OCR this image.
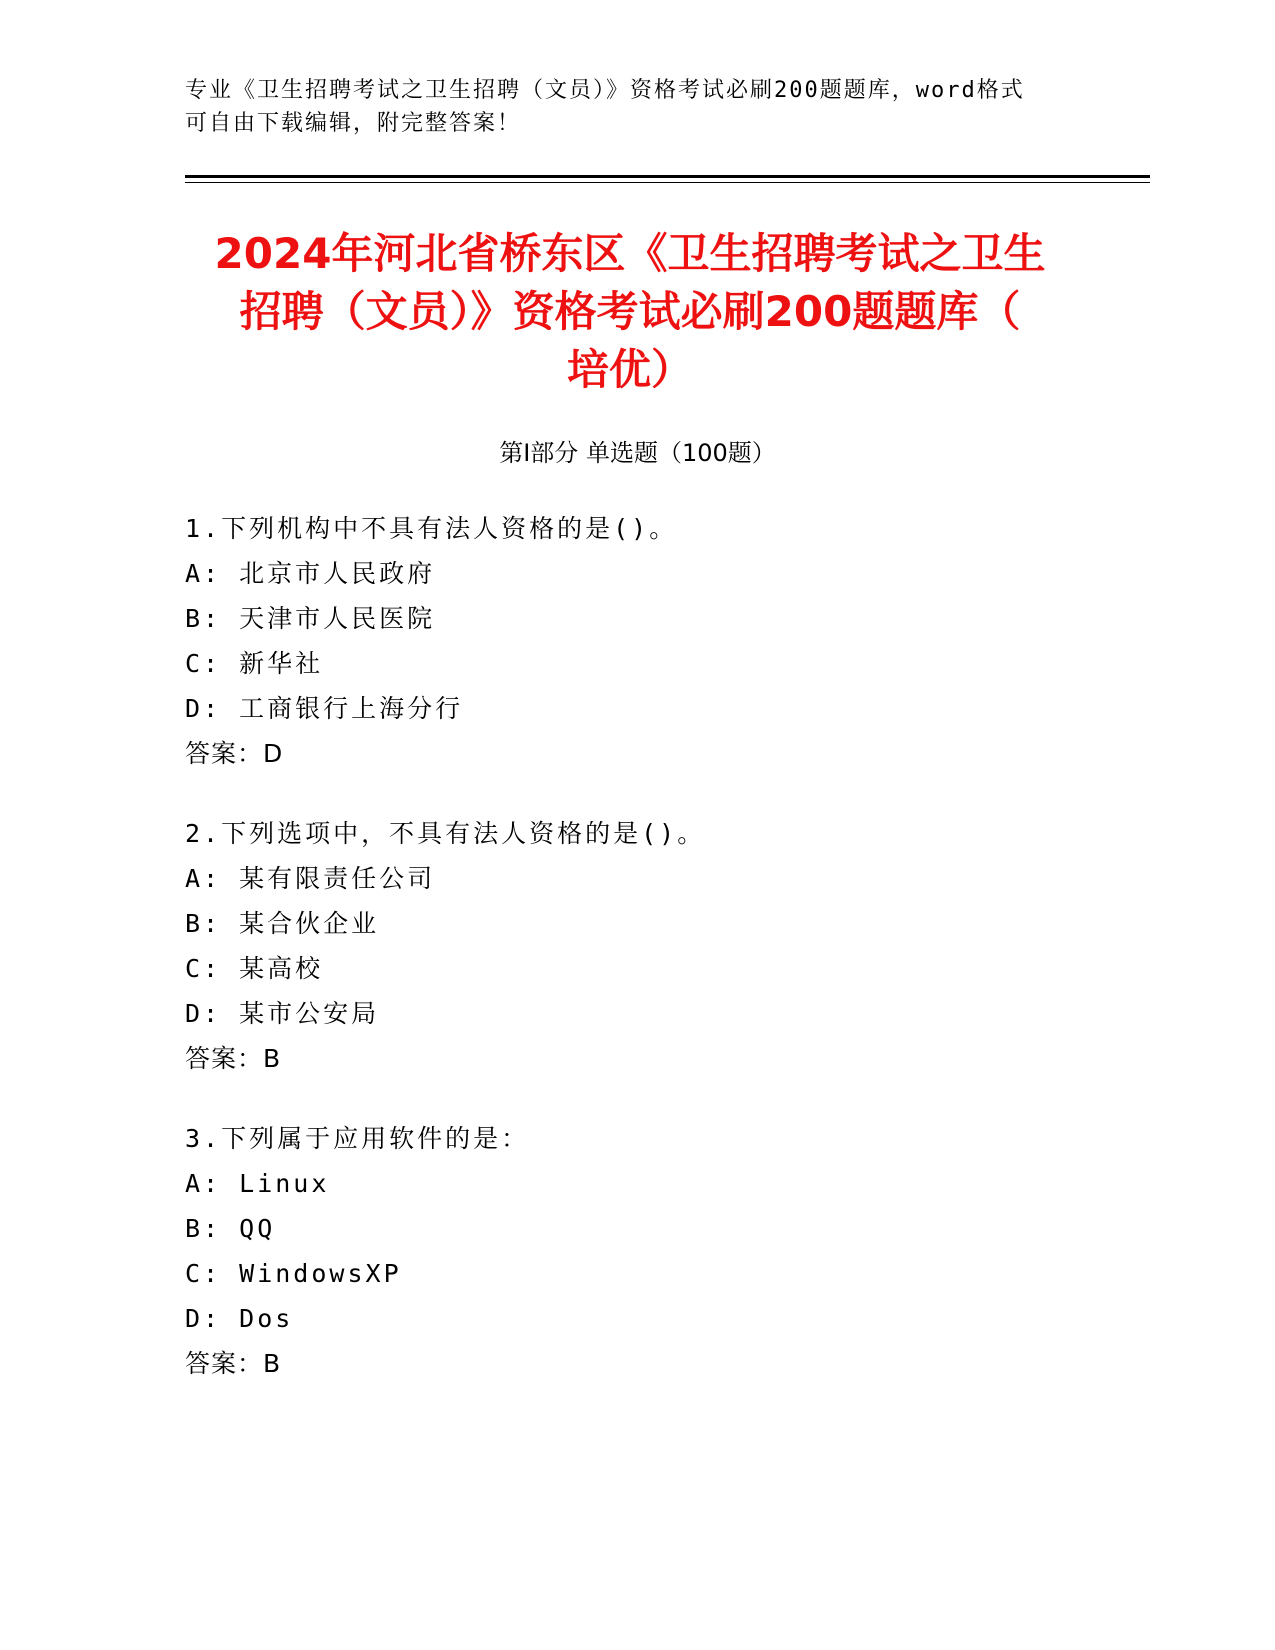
专业《卫生招聘考试之卫生招聘（文员）》资格考试必刷200题题库，word格式
可自由下载编辑，附完整答案！
2024年河北省桥东区《卫生招聘考试之卫生
招聘（文员）》资格考试必刷200题题库（
培优）
第I部分 单选题（100题）
1.下列机构中不具有法人资格的是()。
A: 北京市人民政府
B: 天津市人民医院
C: 新华社
D: 工商银行上海分行
答案：D
2.下列选项中，不具有法人资格的是()。
A: 某有限责任公司
B: 某合伙企业
C: 某高校
D: 某市公安局
答案：B
3.下列属于应用软件的是：
A: Linux
B: QQ
C: WindowsXP
D: Dos
答案：B
